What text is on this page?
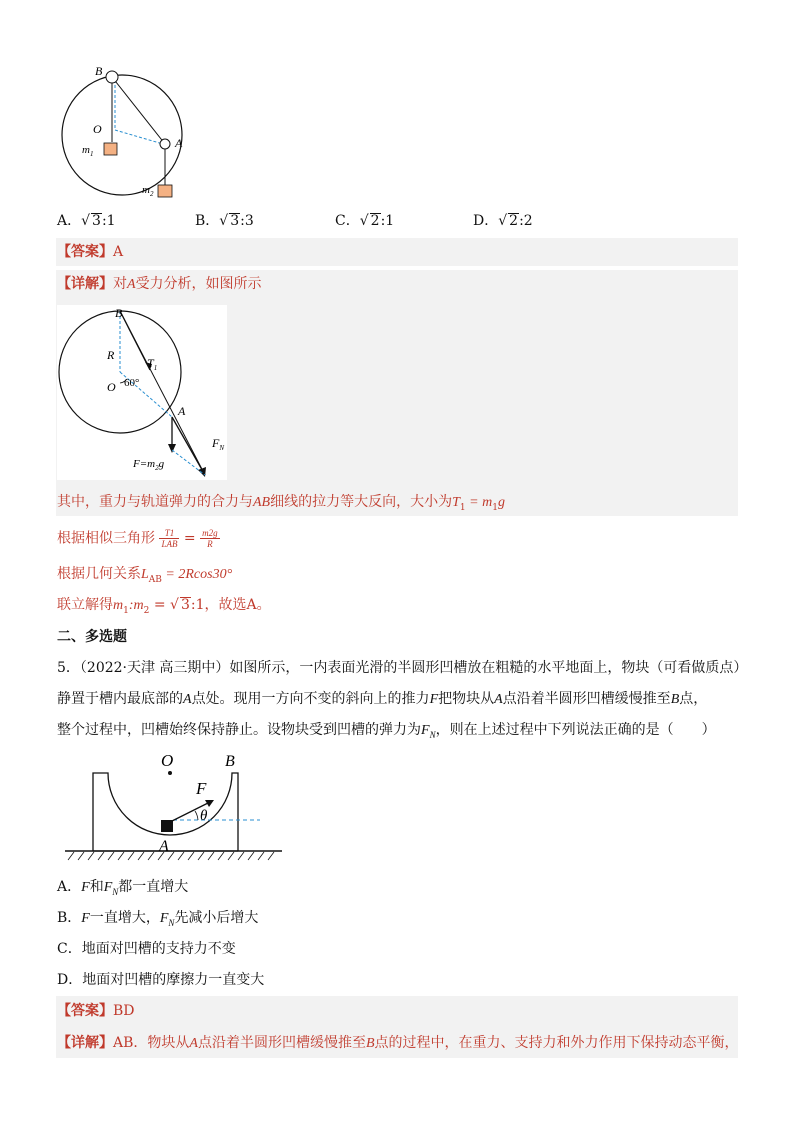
B
O
A
$m_1$
$m_2$
A．√ 3:1	B．√ 3:3	C．√ 2:1	D．√ 2:2
【答案】A
【详解】对A受力分析，如图所示
B
R
$T_1$
O 60°
A
$F_N$
$F=m_2g$
其中，重力与轨道弹力的合力与AB细线的拉力等大反向，大小为$T_1 = m_1g$
根据相似三角形 $\frac{T1}{\text{LAB}} = \frac{m2g}{R}$
根据几何关系$L_{AB} = 2Rcos30^\circ$
联立解得$m_1:m_2$ = √ 3:1，故选A。
二、多选题
5．（2022·天津 高三期中）如图所示，一内表面光滑的半圆形凹槽放在粗糙的水平地面上，物块（可看做质点）
静置于槽内最底部的A点处。现用一方向不变的斜向上的推力F把物块从A点沿着半圆形凹槽缓慢推至B点，
整个过程中，凹槽始终保持静止。设物块受到凹槽的弹力为$F_N$，则在上述过程中下列说法正确的是（　　）
O	B
F
θ
A
A．F和$F_N$都一直增大
B．F一直增大，$F_N$先减小后增大
C．地面对凹槽的支持力不变
D．地面对凹槽的摩擦力一直变大
【答案】BD
【详解】AB．物块从A点沿着半圆形凹槽缓慢推至B点的过程中，在重力、支持力和外力作用下保持动态平衡，
